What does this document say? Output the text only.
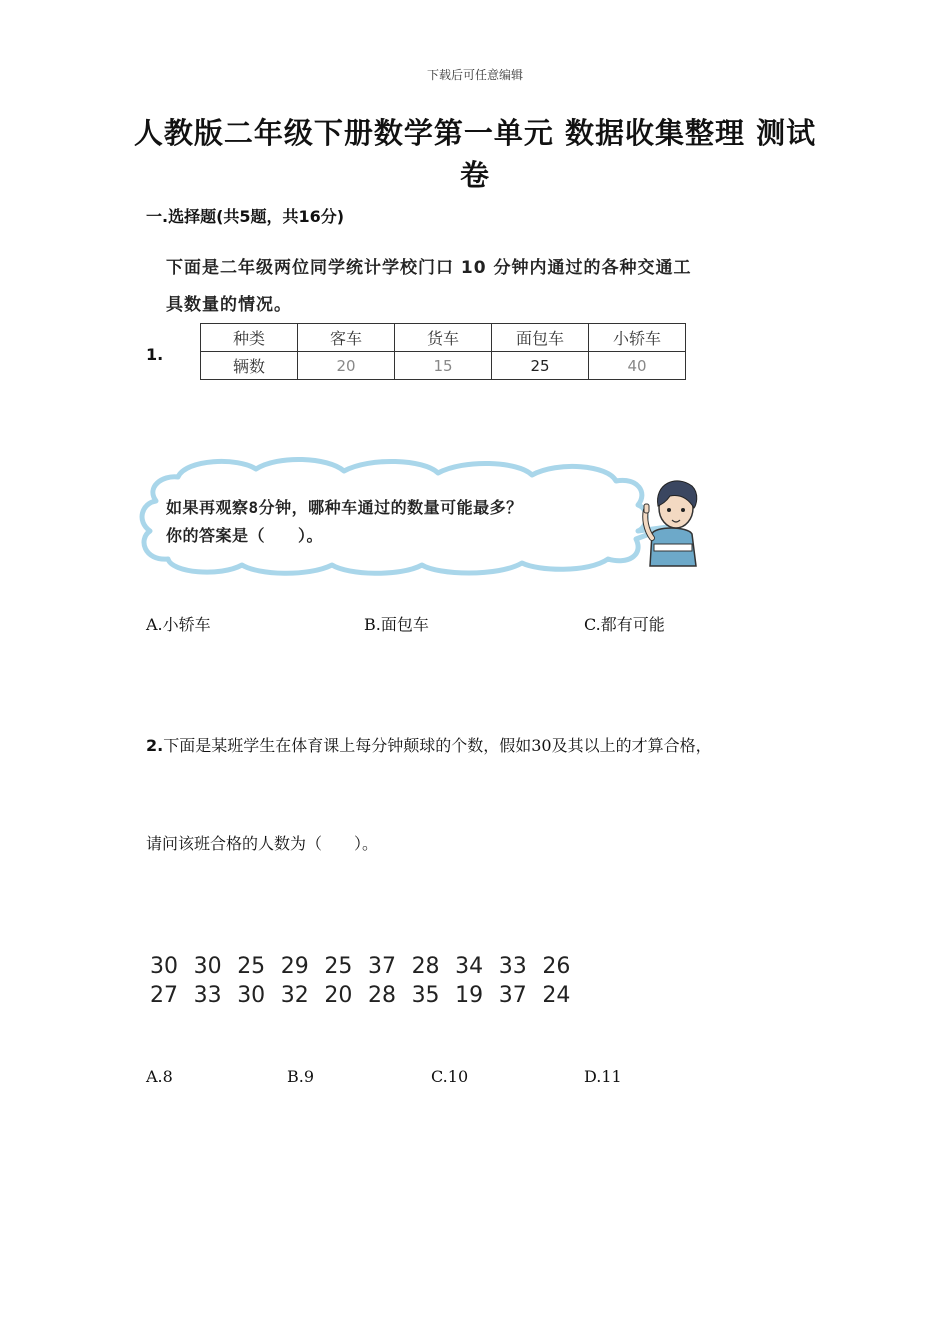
下载后可任意编辑
人教版二年级下册数学第一单元 数据收集整理 测试卷
一.选择题(共5题，共16分)
下面是二年级两位同学统计学校门口 10 分钟内通过的各种交通工
具数量的情况。
1.
种类	客车	货车	面包车	小轿车
辆数	20	15	25	40
如果再观察8分钟，哪种车通过的数量可能最多？
你的答案是（　　）。
A.小轿车	B.面包车	C.都有可能
2.下面是某班学生在体育课上每分钟颠球的个数，假如30及其以上的才算合格，
请问该班合格的人数为（　　）。
30 30 25 29 25 37 28 34 33 26
27 33 30 32 20 28 35 19 37 24
A.8	B.9	C.10	D.11
